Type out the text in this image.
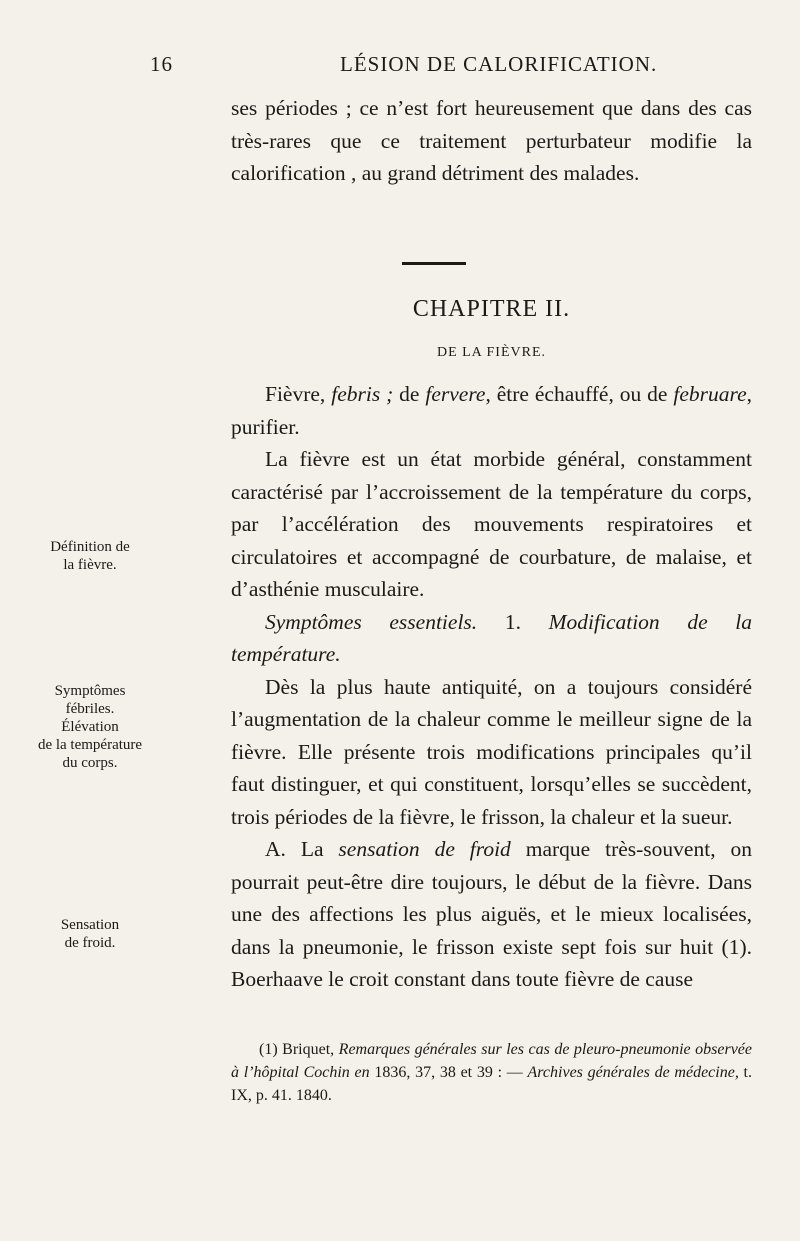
16	LÉSION DE CALORIFICATION.
ses périodes ; ce n’est fort heureusement que dans des cas très-rares que ce traitement perturbateur modifie la calorification , au grand détriment des malades.
CHAPITRE II.
DE LA FIÈVRE.

Fièvre, febris ; de fervere, être échauffé, ou de februare, purifier.

La fièvre est un état morbide général, constamment caractérisé par l’accroissement de la température du corps, par l’accélération des mouvements respiratoires et circulatoires et accompagné de courbature, de malaise, et d’asthénie musculaire.

Symptômes essentiels. 1. Modification de la température.

Dès la plus haute antiquité, on a toujours considéré l’augmentation de la chaleur comme le meilleur signe de la fièvre. Elle présente trois modifications principales qu’il faut distinguer, et qui constituent, lorsqu’elles se succèdent, trois périodes de la fièvre, le frisson, la chaleur et la sueur.

A. La sensation de froid marque très-souvent, on pourrait peut-être dire toujours, le début de la fièvre. Dans une des affections les plus aiguës, et le mieux localisées, dans la pneumonie, le frisson existe sept fois sur huit (1). Boerhaave le croit constant dans toute fièvre de cause

Définition de
la fièvre.
Symptômes
fébriles.
Élévation
de la température
du corps.
Sensation
de froid.
(1) Briquet, Remarques générales sur les cas de pleuro-pneumonie observée à l’hôpital Cochin en 1836, 37, 38 et 39 : — Archives générales de médecine, t. IX, p. 41. 1840.
